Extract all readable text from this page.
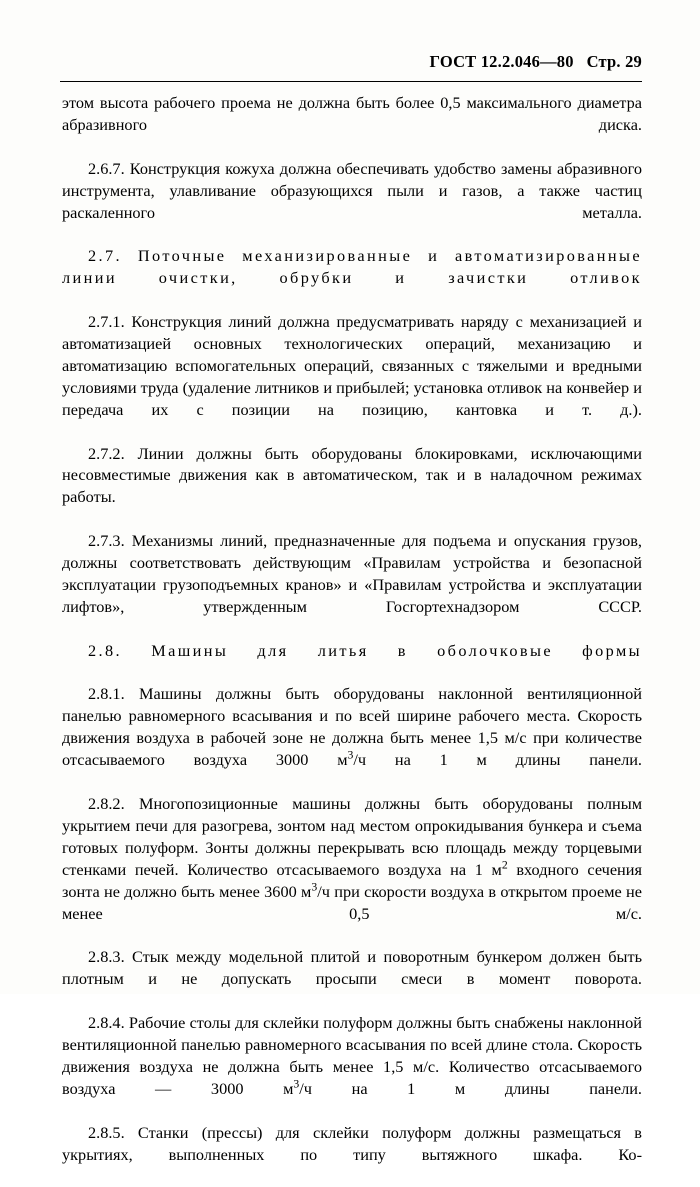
ГОСТ 12.2.046—80 Стр. 29

этом высота рабочего проема не должна быть более 0,5 максимального диаметра абразивного диска.

2.6.7. Конструкция кожуха должна обеспечивать удобство замены абразивного инструмента, улавливание образующихся пыли и газов, а также частиц раскаленного металла.

2.7. Поточные механизированные и автоматизированные линии очистки, обрубки и зачистки отливок

2.7.1. Конструкция линий должна предусматривать наряду с механизацией и автоматизацией основных технологических операций, механизацию и автоматизацию вспомогательных операций, связанных с тяжелыми и вредными условиями труда (удаление литников и прибылей; установка отливок на конвейер и передача их с позиции на позицию, кантовка и т. д.).

2.7.2. Линии должны быть оборудованы блокировками, исключающими несовместимые движения как в автоматическом, так и в наладочном режимах работы.

2.7.3. Механизмы линий, предназначенные для подъема и опускания грузов, должны соответствовать действующим «Правилам устройства и безопасной эксплуатации грузоподъемных кранов» и «Правилам устройства и эксплуатации лифтов», утвержденным Госгортехнадзором СССР.

2.8. Машины для литья в оболочковые формы

2.8.1. Машины должны быть оборудованы наклонной вентиляционной панелью равномерного всасывания и по всей ширине рабочего места. Скорость движения воздуха в рабочей зоне не должна быть менее 1,5 м/с при количестве отсасываемого воздуха 3000 $м^3/ч$ на 1 м длины панели.

2.8.2. Многопозиционные машины должны быть оборудованы полным укрытием печи для разогрева, зонтом над местом опрокидывания бункера и съема готовых полуформ. Зонты должны перекрывать всю площадь между торцевыми стенками печей. Количество отсасываемого воздуха на 1 $м^2$ входного сечения зонта не должно быть менее 3600 $м^3/ч$ при скорости воздуха в открытом проеме не менее 0,5 м/с.

2.8.3. Стык между модельной плитой и поворотным бункером должен быть плотным и не допускать просыпи смеси в момент поворота.

2.8.4. Рабочие столы для склейки полуформ должны быть снабжены наклонной вентиляционной панелью равномерного всасывания по всей длине стола. Скорость движения воздуха не должна быть менее 1,5 м/с. Количество отсасываемого воздуха — 3000 $м^3/ч$ на 1 м длины панели.

2.8.5. Станки (прессы) для склейки полуформ должны размещаться в укрытиях, выполненных по типу вытяжного шкафа. Ко-
